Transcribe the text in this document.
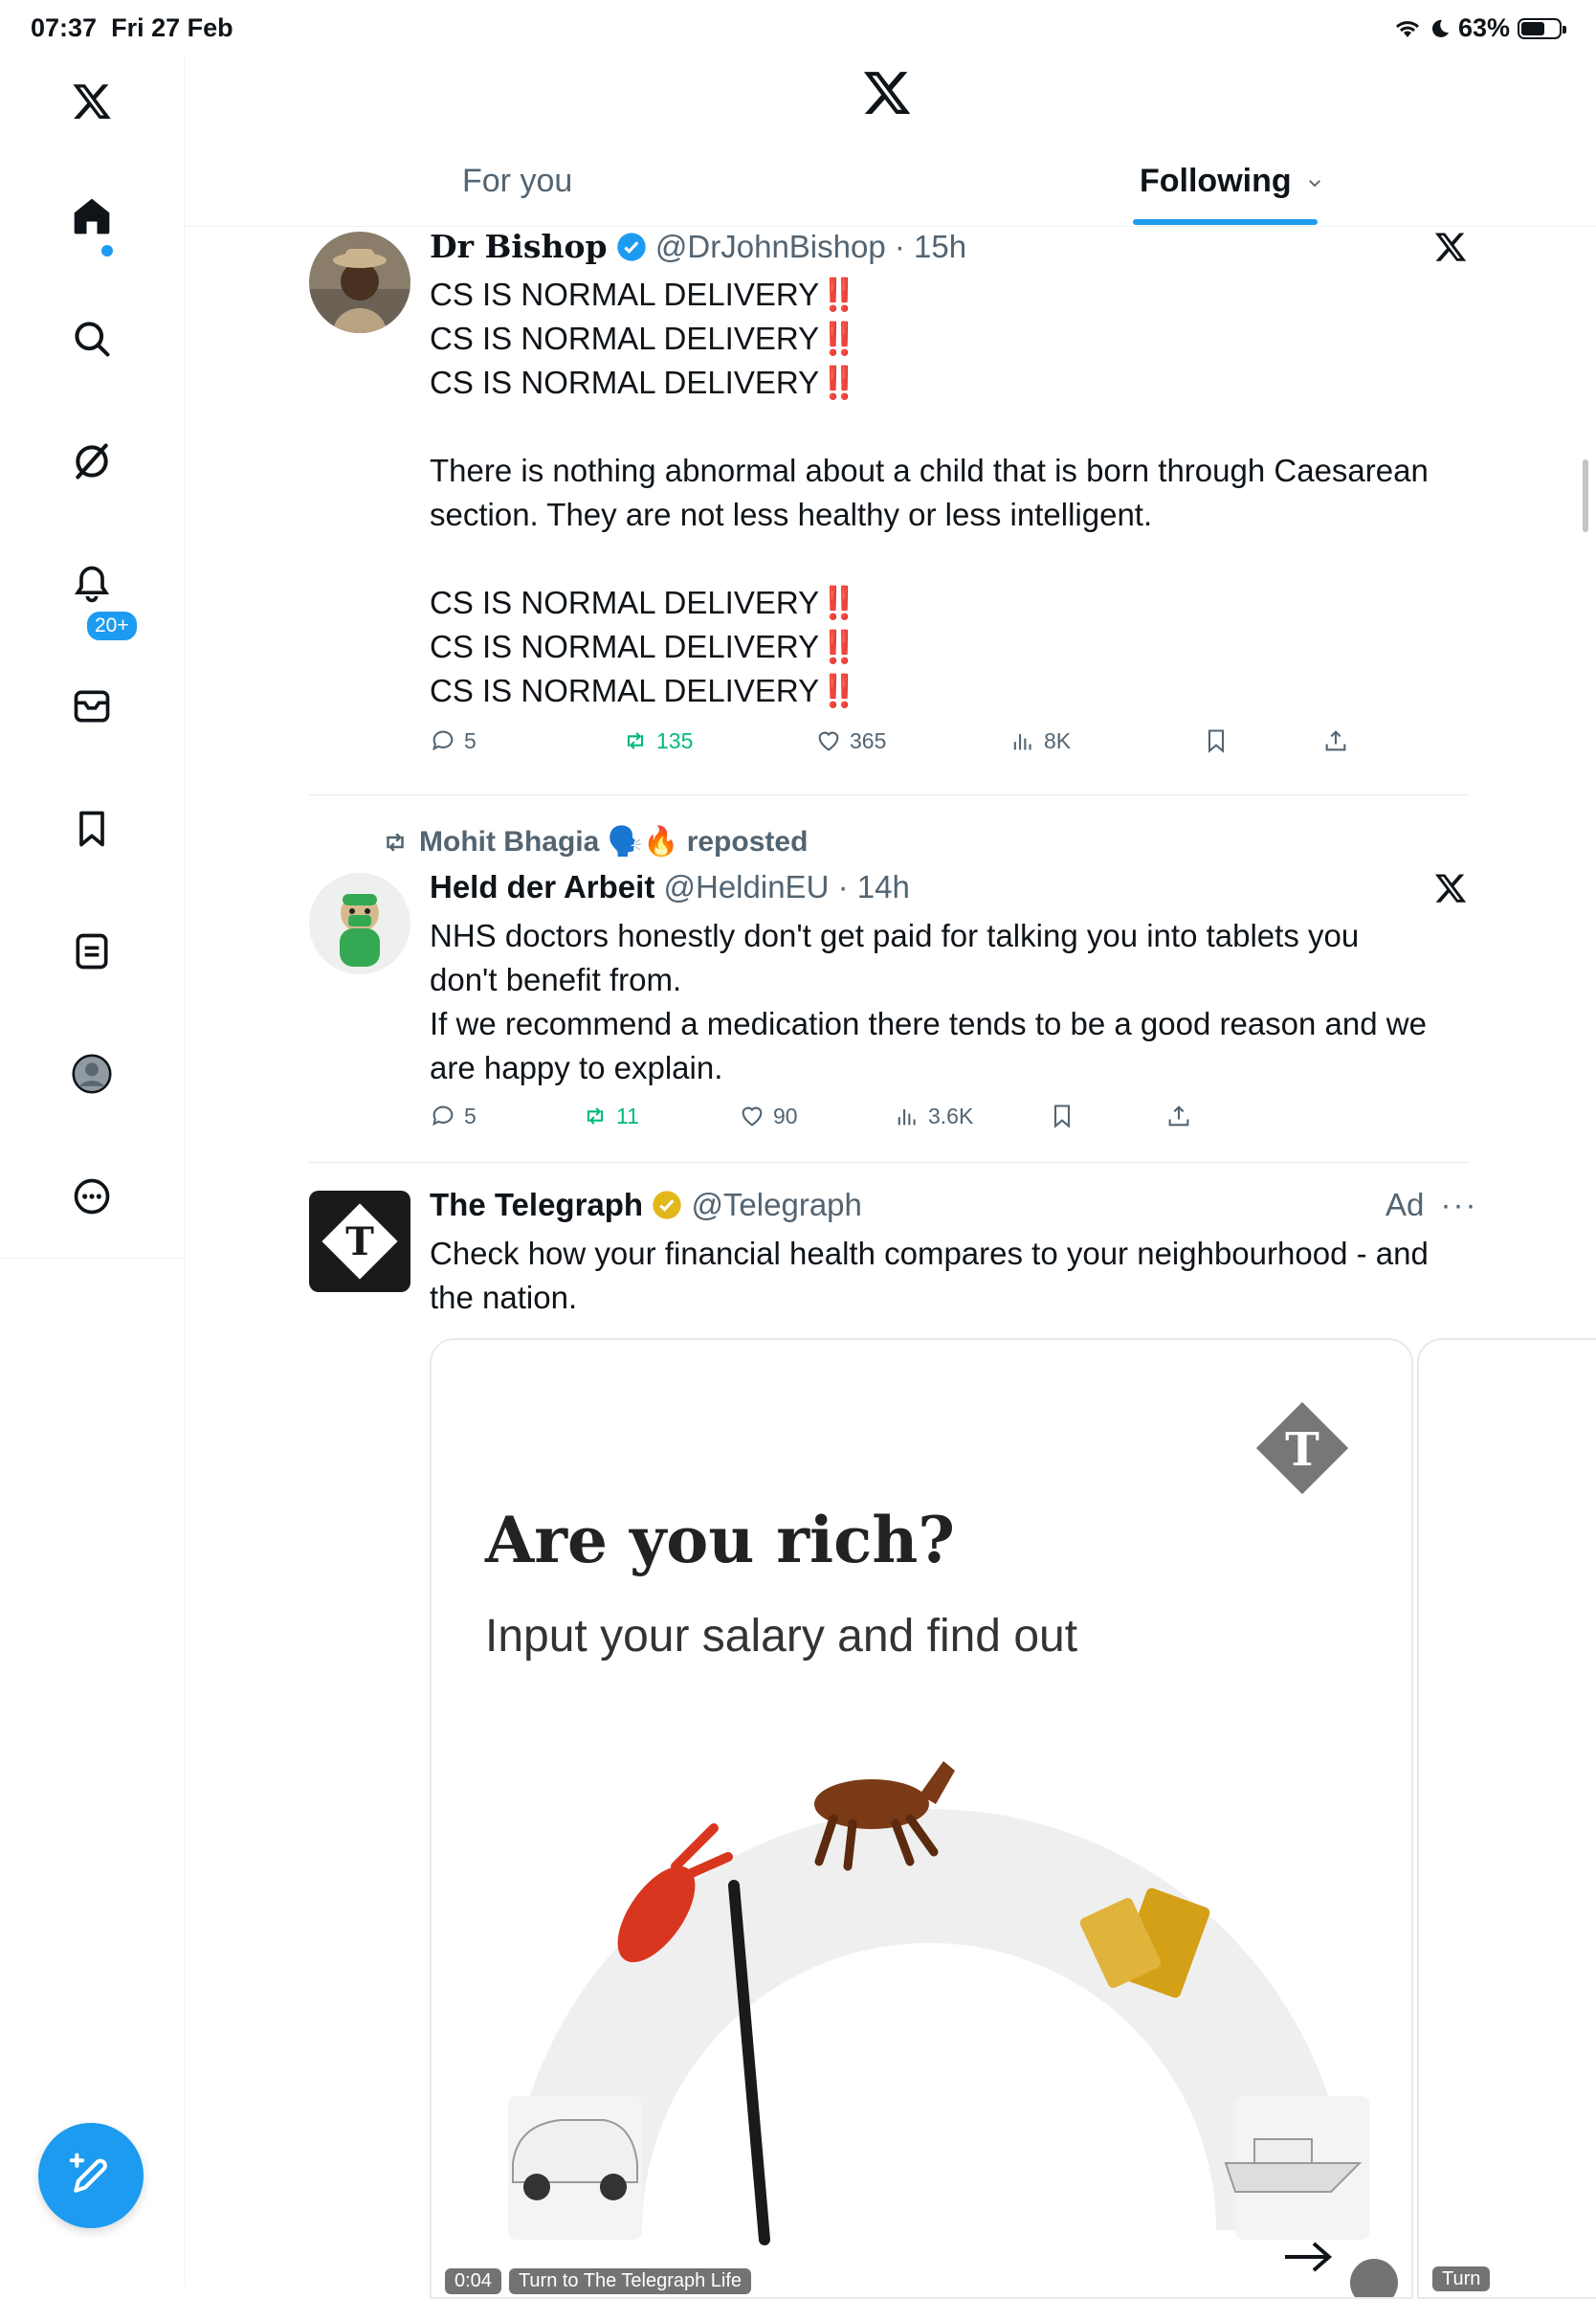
07:37 Fri 27 Feb	63%
20+
For you	Following
Dr Bishop @DrJohnBishop · 15h

CS IS NORMAL DELIVERY‼️

CS IS NORMAL DELIVERY‼️

CS IS NORMAL DELIVERY‼️

There is nothing abnormal about a child that is born through Caesarean

section. They are not less healthy or less intelligent.

CS IS NORMAL DELIVERY‼️

CS IS NORMAL DELIVERY‼️

CS IS NORMAL DELIVERY‼️

5	135	365	8K
Mohit Bhagia 🗣️🔥 reposted
Held der Arbeit @HeldinEU · 14h

NHS doctors honestly don't get paid for talking you into tablets you

don't benefit from.

If we recommend a medication there tends to be a good reason and we

are happy to explain.

5	11	90	3.6K
T
The Telegraph @Telegraph	Ad ···

Check how your financial health compares to your neighbourhood - and

the nation.

T
Are you rich?
Input your salary and find out
0:04	Turn to The Telegraph Life	Turn
